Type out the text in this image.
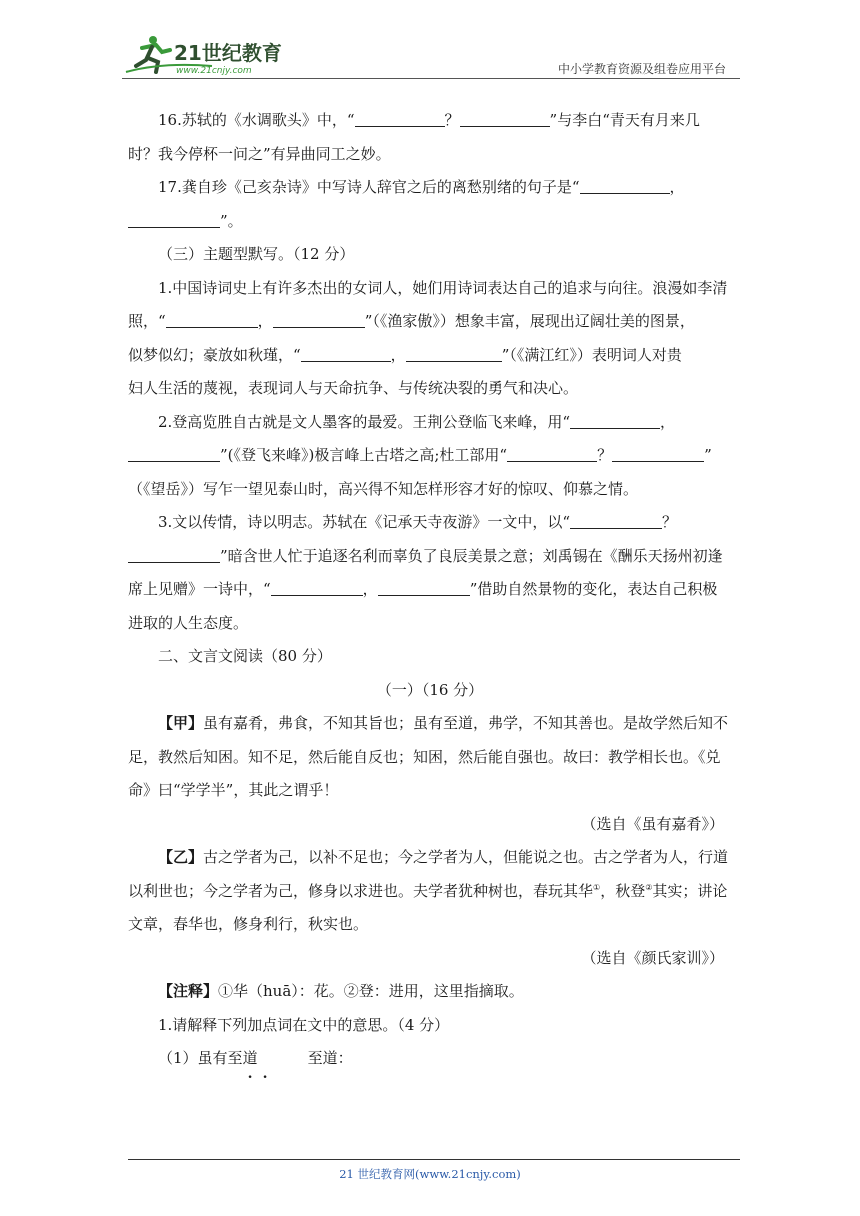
21世纪教育
www.21cnjy.com	中小学教育资源及组卷应用平台

16.苏轼的《水调歌头》中，“	？	”与李白“青天有月来几

时？我今停杯一问之”有异曲同工之妙。

17.龚自珍《己亥杂诗》中写诗人辞官之后的离愁别绪的句子是“	，

”。

（三）主题型默写。（12 分）

1.中国诗词史上有许多杰出的女词人，她们用诗词表达自己的追求与向往。浪漫如李清

照，“	，	”（《渔家傲》）想象丰富，展现出辽阔壮美的图景，

似梦似幻；豪放如秋瑾，“	，	”（《满江红》）表明词人对贵

妇人生活的蔑视，表现词人与天命抗争、与传统决裂的勇气和决心。

2.登高览胜自古就是文人墨客的最爱。王荆公登临飞来峰，用“	，

”(《登飞来峰》)极言峰上古塔之高;杜工部用“	？	”

（《望岳》）写乍一望见泰山时，高兴得不知怎样形容才好的惊叹、仰慕之情。

3.文以传情，诗以明志。苏轼在《记承天寺夜游》一文中，以“	？

”暗含世人忙于追逐名利而辜负了良辰美景之意；刘禹锡在《酬乐天扬州初逢

席上见赠》一诗中，“	，	”借助自然景物的变化，表达自己积极

进取的人生态度。

二、文言文阅读（80 分）

（一）（16 分）

【甲】虽有嘉肴，弗食，不知其旨也；虽有至道，弗学，不知其善也。是故学然后知不

足，教然后知困。知不足，然后能自反也；知困，然后能自强也。故曰：教学相长也。《兑

命》曰“学学半”，其此之谓乎！

（选自《虽有嘉肴》）

【乙】古之学者为己，以补不足也；今之学者为人，但能说之也。古之学者为人，行道

以利世也；今之学者为己，修身以求进也。夫学者犹种树也，春玩其华①，秋登②其实；讲论

文章，春华也，修身利行，秋实也。

（选自《颜氏家训》）

【注释】①华（huā）：花。②登：进用，这里指摘取。

1.请解释下列加点词在文中的意思。（4 分）

（1）虽有至道	至道：

21 世纪教育网(www.21cnjy.com)
